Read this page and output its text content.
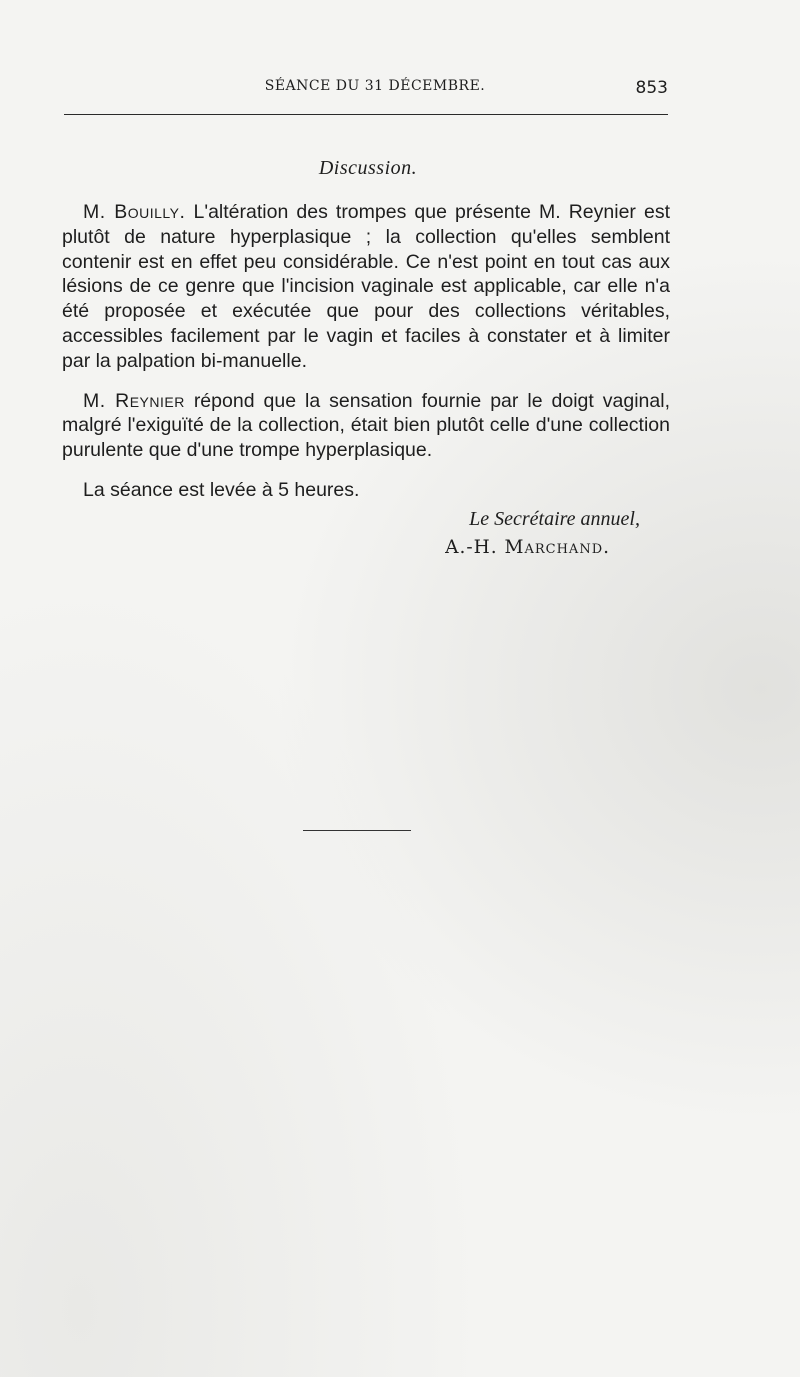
SÉANCE DU 31 DÉCEMBRE.	853
Discussion.

M. Bouilly. L'altération des trompes que présente M. Reynier est plutôt de nature hyperplasique ; la collection qu'elles semblent contenir est en effet peu considérable. Ce n'est point en tout cas aux lésions de ce genre que l'incision vaginale est applicable, car elle n'a été proposée et exécutée que pour des collections véritables, accessibles facilement par le vagin et faciles à constater et à limiter par la palpation bi-manuelle.

M. Reynier répond que la sensation fournie par le doigt vaginal, malgré l'exiguïté de la collection, était bien plutôt celle d'une collection purulente que d'une trompe hyperplasique.

La séance est levée à 5 heures.

Le Secrétaire annuel,
A.-H. Marchand.
